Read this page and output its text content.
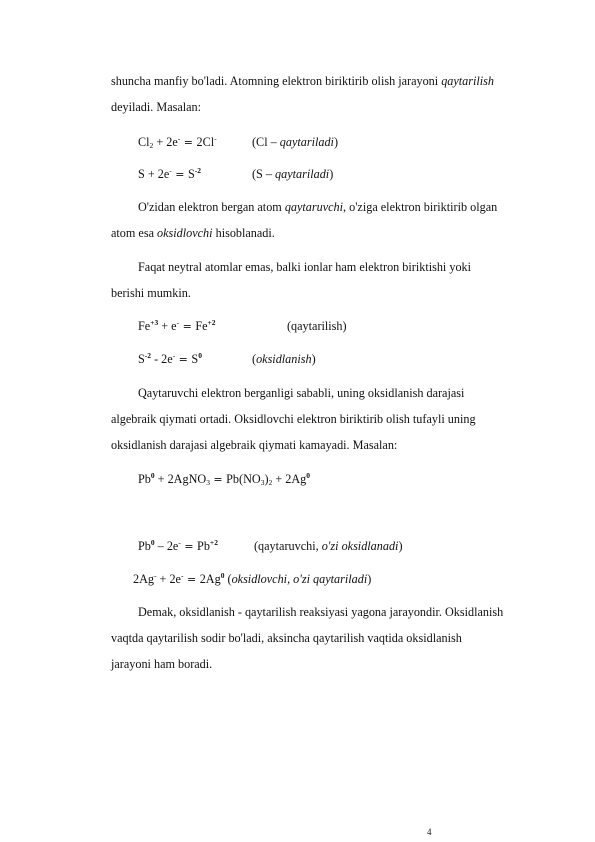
shuncha manfiy bo'ladi. Atomning elektron biriktirib olish jarayoni qaytarilish
deyiladi. Masalan:
$Cl_2 + 2e^- = 2Cl^-$	(Cl – qaytariladi)
$S + 2e^- = S^{-2}$	(S – qaytariladi)
O'zidan elektron bergan atom qaytaruvchi, o'ziga elektron biriktirib olgan
atom esa oksidlovchi hisoblanadi.
Faqat neytral atomlar emas, balki ionlar ham elektron biriktishi yoki
berishi mumkin.
$Fe^{+3} + e^- = Fe^{+2}$	(qaytarilish)
$S^{-2} - 2e^- = S^0$	(oksidlanish)
Qaytaruvchi elektron berganligi sababli, uning oksidlanish darajasi
algebraik qiymati ortadi. Oksidlovchi elektron biriktirib olish tufayli uning
oksidlanish darajasi algebraik qiymati kamayadi. Masalan:
$Pb^0$ + 2AgNO$_3$ = $Pb(NO_3)_2 + 2Ag^0$
$Pb^0 - 2e^- = Pb^{+2}$	(qaytaruvchi, o'zi oksidlanadi)
$2Ag^- + 2e^- = 2Ag^0$ (oksidlovchi, o'zi qaytariladi)
Demak, oksidlanish - qaytarilish reaksiyasi yagona jarayondir. Oksidlanish
vaqtda qaytarilish sodir bo'ladi, aksincha qaytarilish vaqtida oksidlanish
jarayoni ham boradi.
4
